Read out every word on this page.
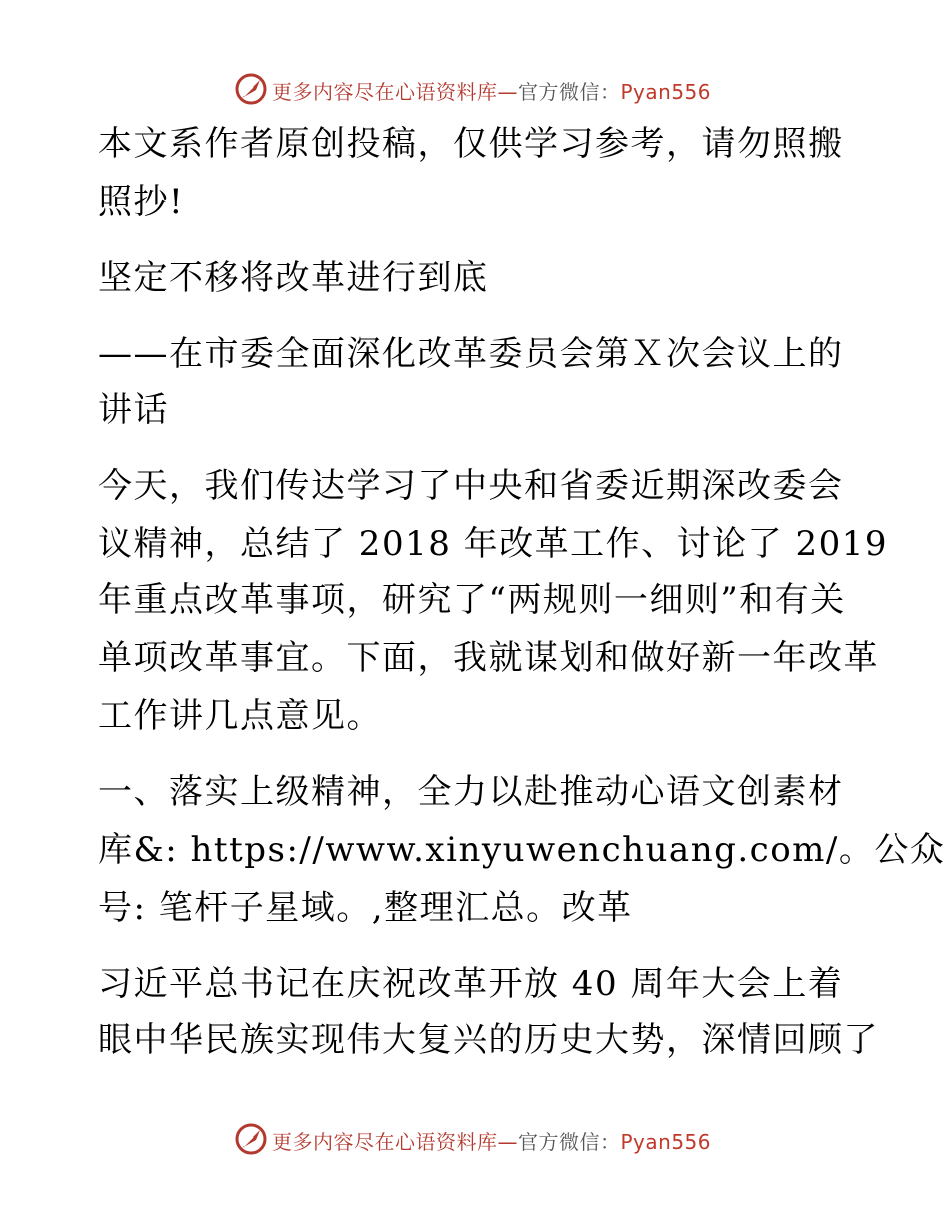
更多内容尽在心语资料库—官方微信：Pyan556
本文系作者原创投稿，仅供学习参考，请勿照搬
照抄!
坚定不移将改革进行到底
——在市委全面深化改革委员会第Ｘ次会议上的
讲话
今天，我们传达学习了中央和省委近期深改委会
议精神，总结了 2018 年改革工作、讨论了 2019
年重点改革事项，研究了“两规则一细则”和有关
单项改革事宜。下面，我就谋划和做好新一年改革
工作讲几点意见。
一、落实上级精神，全力以赴推动心语文创素材
库&: https://www.xinyuwenchuang.com/。公众
号: 笔杆子星域。,整理汇总。改革
习近平总书记在庆祝改革开放 40 周年大会上着
眼中华民族实现伟大复兴的历史大势，深情回顾了
更多内容尽在心语资料库—官方微信：Pyan556
